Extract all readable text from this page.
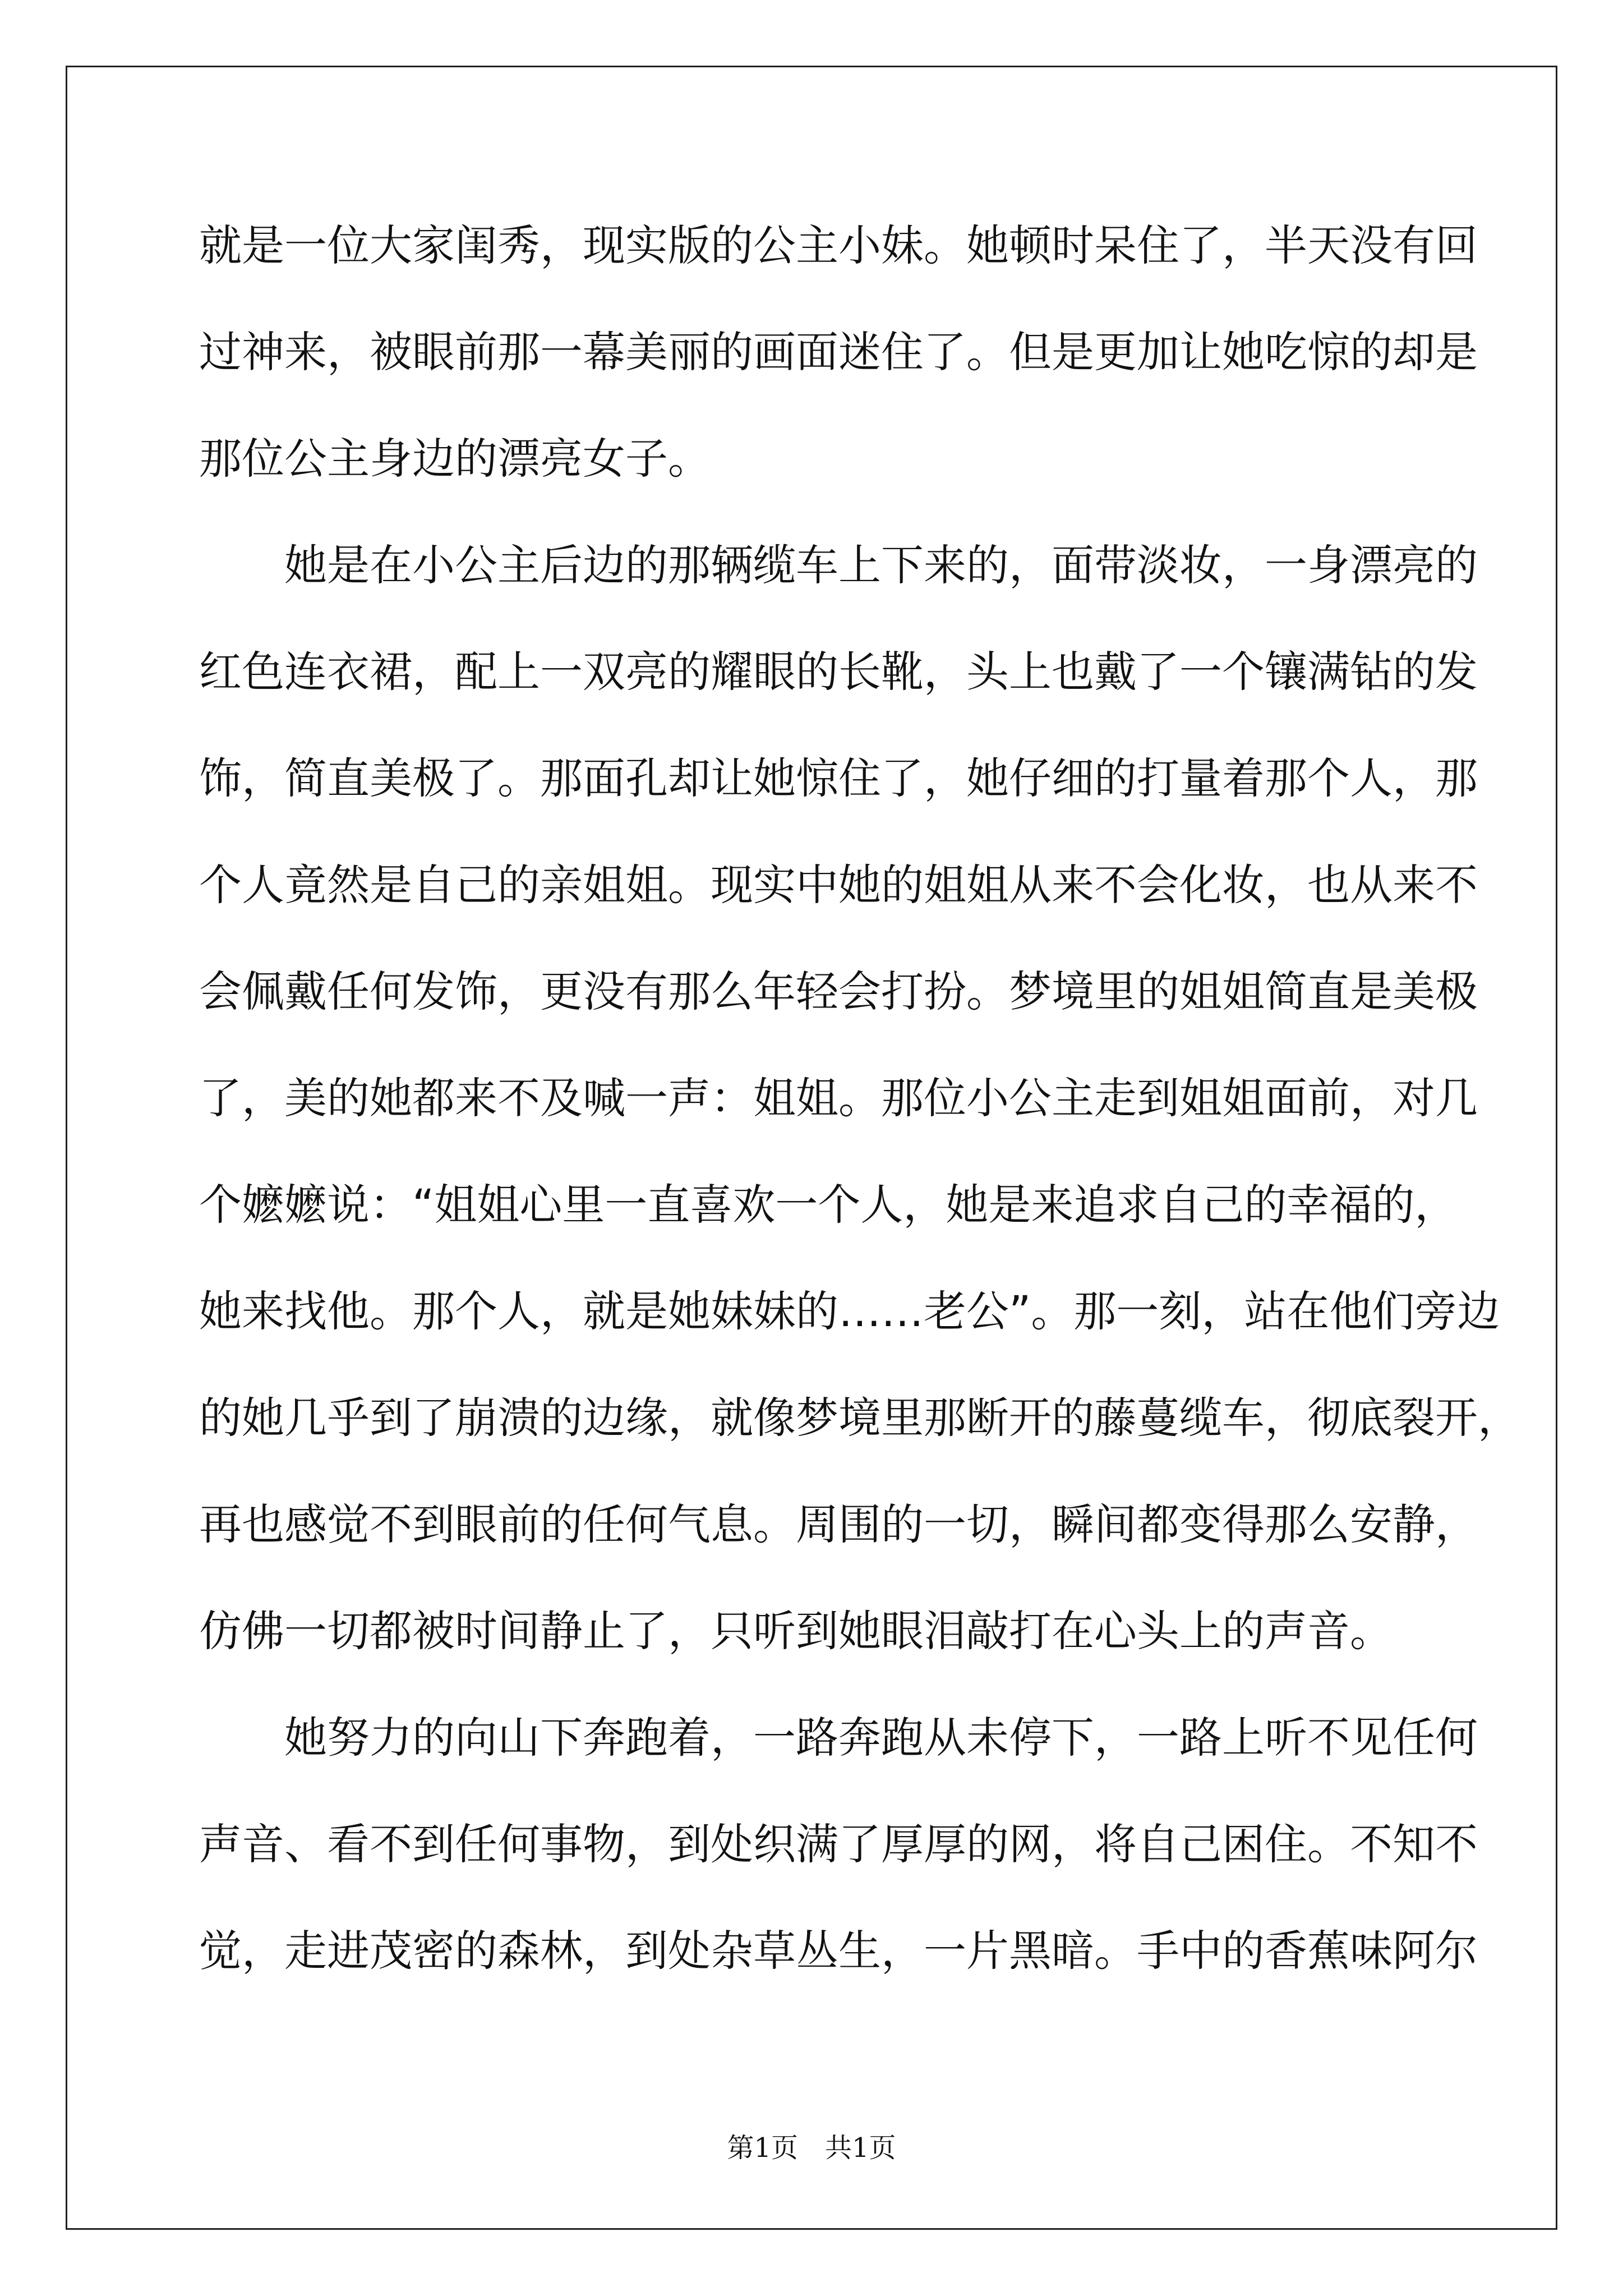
就是一位大家闺秀，现实版的公主小妹。她顿时呆住了，半天没有回
过神来，被眼前那一幕美丽的画面迷住了。但是更加让她吃惊的却是
那位公主身边的漂亮女子。
　　她是在小公主后边的那辆缆车上下来的，面带淡妆，一身漂亮的
红色连衣裙，配上一双亮的耀眼的长靴，头上也戴了一个镶满钻的发
饰，简直美极了。那面孔却让她惊住了，她仔细的打量着那个人，那
个人竟然是自己的亲姐姐。现实中她的姐姐从来不会化妆，也从来不
会佩戴任何发饰，更没有那么年轻会打扮。梦境里的姐姐简直是美极
了，美的她都来不及喊一声：姐姐。那位小公主走到姐姐面前，对几
个嬷嬷说：“姐姐心里一直喜欢一个人，她是来追求自己的幸福的，
她来找他。那个人，就是她妹妹的……老公”。那一刻，站在他们旁边
的她几乎到了崩溃的边缘，就像梦境里那断开的藤蔓缆车，彻底裂开，
再也感觉不到眼前的任何气息。周围的一切，瞬间都变得那么安静，
仿佛一切都被时间静止了，只听到她眼泪敲打在心头上的声音。
　　她努力的向山下奔跑着，一路奔跑从未停下，一路上听不见任何
声音、看不到任何事物，到处织满了厚厚的网，将自己困住。不知不
觉，走进茂密的森林，到处杂草丛生，一片黑暗。手中的香蕉味阿尔
第1页　共1页
